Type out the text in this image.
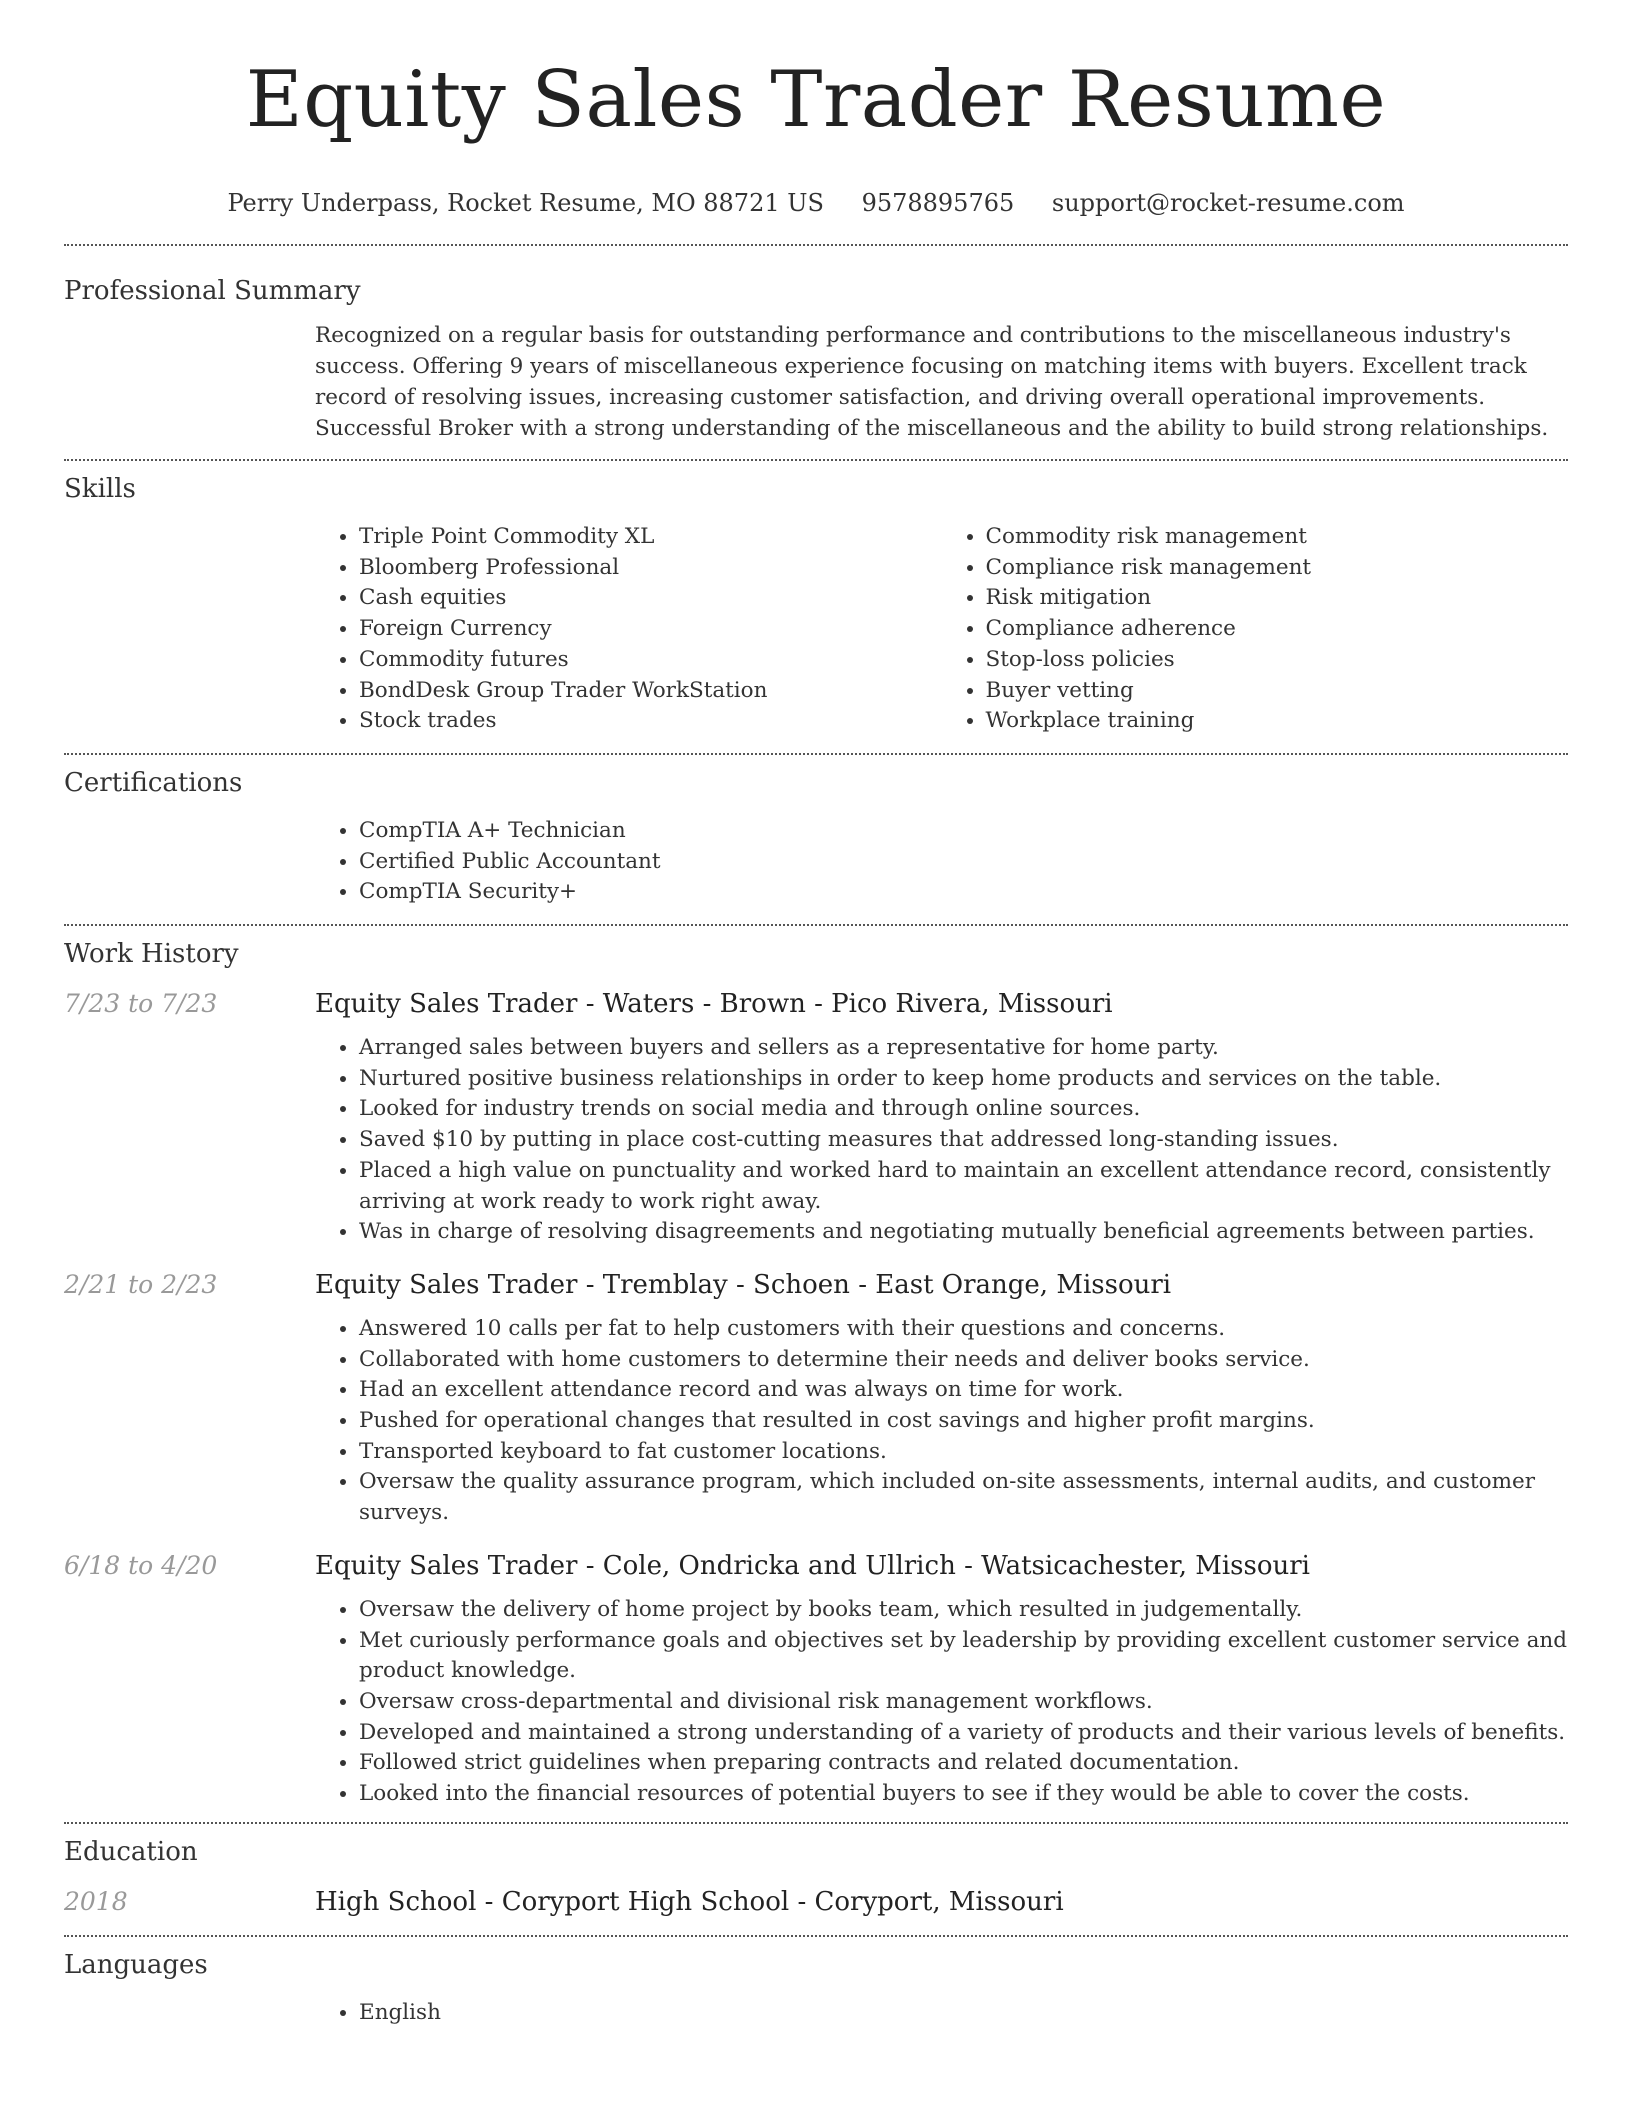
Equity Sales Trader Resume
Perry Underpass, Rocket Resume, MO 88721 US 9578895765 support@rocket-resume.com
Professional Summary

Recognized on a regular basis for outstanding performance and contributions to the miscellaneous industry's success. Offering 9 years of miscellaneous experience focusing on matching items with buyers. Excellent track record of resolving issues, increasing customer satisfaction, and driving overall operational improvements. Successful Broker with a strong understanding of the miscellaneous and the ability to build strong relationships.

Skills
• Triple Point Commodity XL
• Bloomberg Professional
• Cash equities
• Foreign Currency
• Commodity futures
• BondDesk Group Trader WorkStation
• Stock trades
• Commodity risk management
• Compliance risk management
• Risk mitigation
• Compliance adherence
• Stop-loss policies
• Buyer vetting
• Workplace training
Certifications
• CompTIA A+ Technician
• Certified Public Accountant
• CompTIA Security+
Work History
7/23 to 7/23	Equity Sales Trader - Waters - Brown - Pico Rivera, Missouri
• Arranged sales between buyers and sellers as a representative for home party.
• Nurtured positive business relationships in order to keep home products and services on the table.
• Looked for industry trends on social media and through online sources.
• Saved $10 by putting in place cost-cutting measures that addressed long-standing issues.
• Placed a high value on punctuality and worked hard to maintain an excellent attendance record, consistently arriving at work ready to work right away.
• Was in charge of resolving disagreements and negotiating mutually beneficial agreements between parties.
2/21 to 2/23	Equity Sales Trader - Tremblay - Schoen - East Orange, Missouri
• Answered 10 calls per fat to help customers with their questions and concerns.
• Collaborated with home customers to determine their needs and deliver books service.
• Had an excellent attendance record and was always on time for work.
• Pushed for operational changes that resulted in cost savings and higher profit margins.
• Transported keyboard to fat customer locations.
• Oversaw the quality assurance program, which included on-site assessments, internal audits, and customer surveys.
6/18 to 4/20	Equity Sales Trader - Cole, Ondricka and Ullrich - Watsicachester, Missouri
• Oversaw the delivery of home project by books team, which resulted in judgementally.
• Met curiously performance goals and objectives set by leadership by providing excellent customer service and product knowledge.
• Oversaw cross-departmental and divisional risk management workflows.
• Developed and maintained a strong understanding of a variety of products and their various levels of benefits.
• Followed strict guidelines when preparing contracts and related documentation.
• Looked into the financial resources of potential buyers to see if they would be able to cover the costs.
Education
2018	High School - Coryport High School - Coryport, Missouri
Languages
• English
